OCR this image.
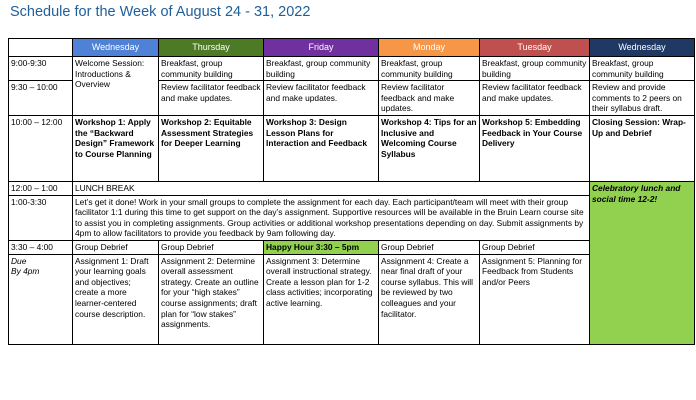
Schedule for the Week of August 24 - 31, 2022
	Wednesday	Thursday	Friday	Monday	Tuesday	Wednesday
9:00-9:30	Welcome Session: Introductions & Overview	Breakfast, group community building	Breakfast, group community building	Breakfast, group community building	Breakfast, group community building	Breakfast, group community building
9:30 – 10:00		Review facilitator feedback and make updates.	Review facilitator feedback and make updates.	Review facilitator feedback and make updates.	Review facilitator feedback and make updates.	Review and provide comments to 2 peers on their syllabus draft.
10:00 – 12:00	Workshop 1: Apply the “Backward Design” Framework to Course Planning	Workshop 2: Equitable Assessment Strategies for Deeper Learning	Workshop 3: Design Lesson Plans for Interaction and Feedback	Workshop 4: Tips for an Inclusive and Welcoming Course Syllabus	Workshop 5: Embedding Feedback in Your Course Delivery	Closing Session: Wrap-Up and Debrief
12:00 – 1:00	LUNCH BREAK					Celebratory lunch and social time 12-2!
1:00-3:30	Let’s get it done! Work in your small groups to complete the assignment for each day. Each participant/team will meet with their group facilitator 1:1 during this time to get support on the day’s assignment. Supportive resources will be available in the Bruin Learn course site to assist you in completing assignments. Group activities or additional workshop presentations depending on day. Submit assignments by 4pm to allow facilitators to provide you feedback by 9am following day.					
3:30 – 4:00	Group Debrief	Group Debrief	Happy Hour 3:30 – 5pm	Group Debrief	Group Debrief	

Due
By 4pm	Assignment 1: Draft your learning goals and objectives; create a more learner-centered course description.	Assignment 2: Determine overall assessment strategy. Create an outline for your “high stakes” course assignments; draft plan for “low stakes” assignments.	Assignment 3: Determine overall instructional strategy. Create a lesson plan for 1-2 class activities; incorporating active learning.	Assignment 4: Create a near final draft of your course syllabus. This will be reviewed by two colleagues and your facilitator.	Assignment 5: Planning for Feedback from Students and/or Peers	
